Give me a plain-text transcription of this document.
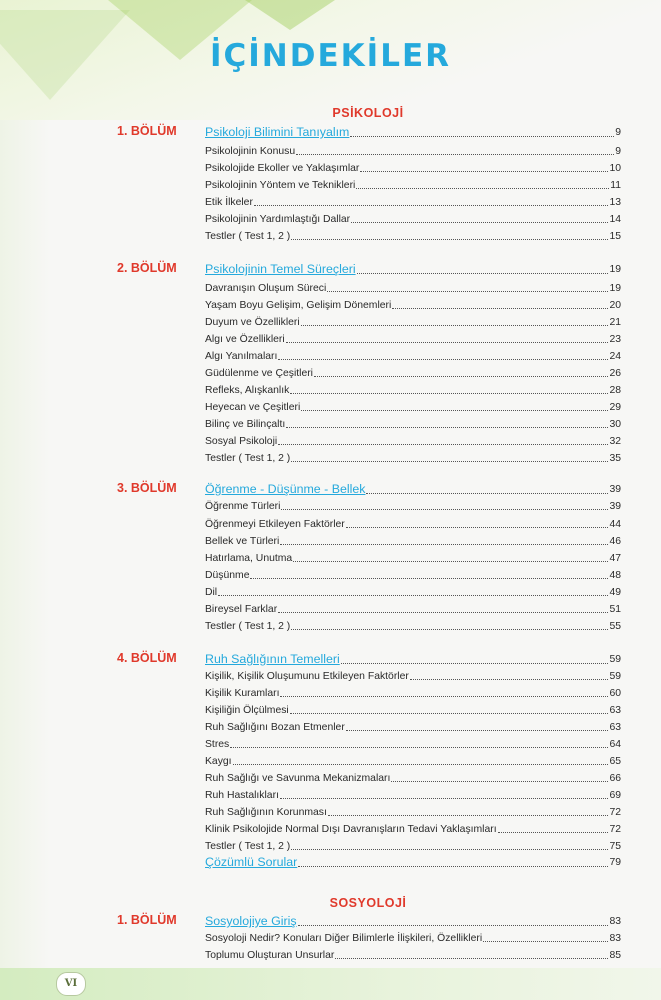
İÇİNDEKİLER
PSİKOLOJİ
1. BÖLÜM Psikoloji Bilimini Tanıyalım	9
Psikolojinin Konusu	9
Psikolojide Ekoller ve Yaklaşımlar	10
Psikolojinin Yöntem ve Teknikleri	11
Etik İlkeler	13
Psikolojinin Yardımlaştığı Dallar	14
Testler ( Test 1, 2 )	15
2. BÖLÜM Psikolojinin Temel Süreçleri	19
Davranışın Oluşum Süreci	19
Yaşam Boyu Gelişim, Gelişim Dönemleri	20
Duyum ve Özellikleri	21
Algı ve Özellikleri	23
Algı Yanılmaları	24
Güdülenme ve Çeşitleri	26
Refleks, Alışkanlık	28
Heyecan ve Çeşitleri	29
Bilinç ve Bilinçaltı	30
Sosyal Psikoloji	32
Testler ( Test 1, 2 )	35
3. BÖLÜM Öğrenme - Düşünme - Bellek	39
Öğrenme Türleri	39
Öğrenmeyi Etkileyen Faktörler	44
Bellek ve Türleri	46
Hatırlama, Unutma	47
Düşünme	48
Dil	49
Bireysel Farklar	51
Testler ( Test 1, 2 )	55
4. BÖLÜM Ruh Sağlığının Temelleri	59
Kişilik, Kişilik Oluşumunu Etkileyen Faktörler	59
Kişilik Kuramları	60
Kişiliğin Ölçülmesi	63
Ruh Sağlığını Bozan Etmenler	63
Stres	64
Kaygı	65
Ruh Sağlığı ve Savunma Mekanizmaları	66
Ruh Hastalıkları	69
Ruh Sağlığının Korunması	72
Klinik Psikolojide Normal Dışı Davranışların Tedavi Yaklaşımları	72
Testler ( Test 1, 2 )	75
Çözümlü Sorular	79
SOSYOLOJİ
1. BÖLÜM Sosyolojiye Giriş	83
Sosyoloji Nedir? Konuları Diğer Bilimlerle İlişkileri, Özellikleri	83
Toplumu Oluşturan Unsurlar	85
VI
